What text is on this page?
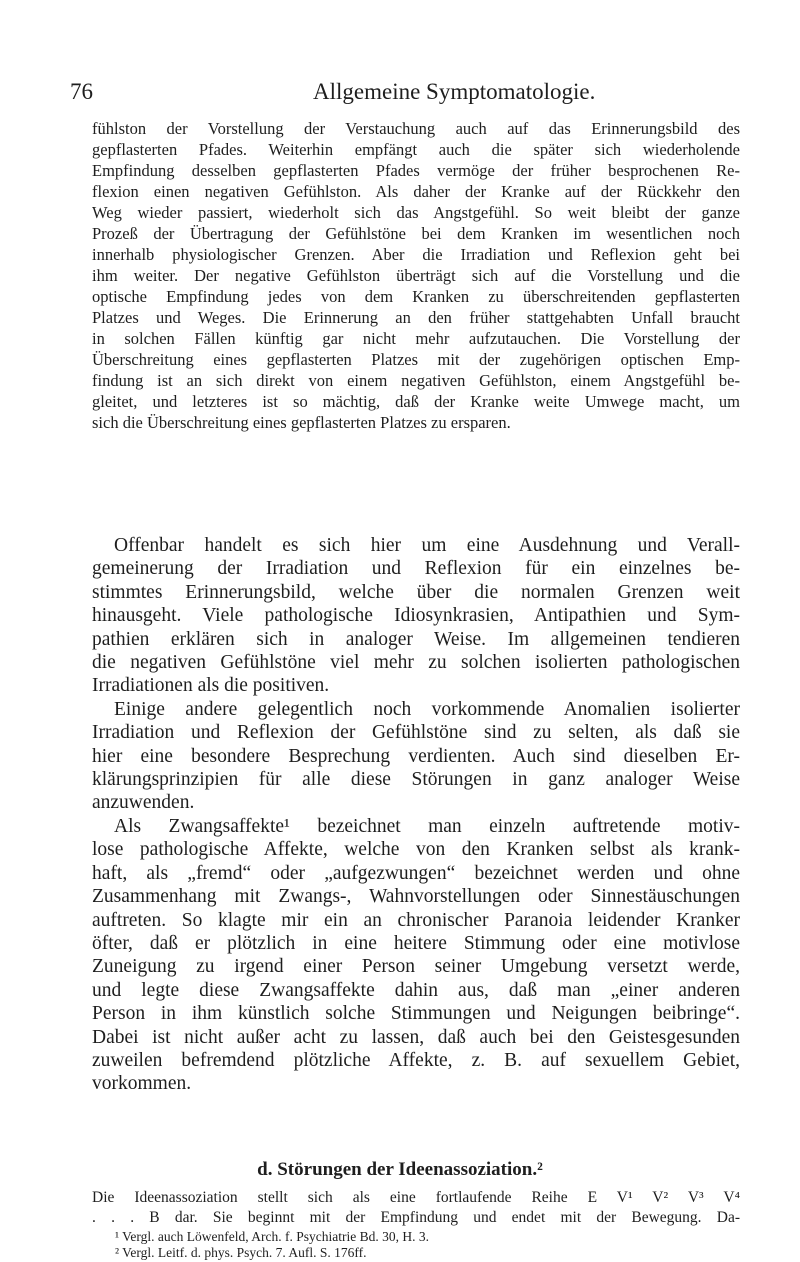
76	Allgemeine Symptomatologie.

fühlston der Vorstellung der Verstauchung auch auf das Erinnerungsbild des

gepflasterten Pfades. Weiterhin empfängt auch die später sich wiederholende

Empfindung desselben gepflasterten Pfades vermöge der früher besprochenen Re-

flexion einen negativen Gefühlston. Als daher der Kranke auf der Rückkehr den

Weg wieder passiert, wiederholt sich das Angstgefühl. So weit bleibt der ganze

Prozeß der Übertragung der Gefühlstöne bei dem Kranken im wesentlichen noch

innerhalb physiologischer Grenzen. Aber die Irradiation und Reflexion geht bei

ihm weiter. Der negative Gefühlston überträgt sich auf die Vorstellung und die

optische Empfindung jedes von dem Kranken zu überschreitenden gepflasterten

Platzes und Weges. Die Erinnerung an den früher stattgehabten Unfall braucht

in solchen Fällen künftig gar nicht mehr aufzutauchen. Die Vorstellung der

Überschreitung eines gepflasterten Platzes mit der zugehörigen optischen Emp-

findung ist an sich direkt von einem negativen Gefühlston, einem Angstgefühl be-

gleitet, und letzteres ist so mächtig, daß der Kranke weite Umwege macht, um

sich die Überschreitung eines gepflasterten Platzes zu ersparen.

Offenbar handelt es sich hier um eine Ausdehnung und Verall-

gemeinerung der Irradiation und Reflexion für ein einzelnes be-

stimmtes Erinnerungsbild, welche über die normalen Grenzen weit

hinausgeht. Viele pathologische Idiosynkrasien, Antipathien und Sym-

pathien erklären sich in analoger Weise. Im allgemeinen tendieren

die negativen Gefühlstöne viel mehr zu solchen isolierten pathologischen

Irradiationen als die positiven.

Einige andere gelegentlich noch vorkommende Anomalien isolierter

Irradiation und Reflexion der Gefühlstöne sind zu selten, als daß sie

hier eine besondere Besprechung verdienten. Auch sind dieselben Er-

klärungsprinzipien für alle diese Störungen in ganz analoger Weise

anzuwenden.

Als Zwangsaffekte¹ bezeichnet man einzeln auftretende motiv-

lose pathologische Affekte, welche von den Kranken selbst als krank-

haft, als „fremd“ oder „aufgezwungen“ bezeichnet werden und ohne

Zusammenhang mit Zwangs-, Wahnvorstellungen oder Sinnestäuschungen

auftreten. So klagte mir ein an chronischer Paranoia leidender Kranker

öfter, daß er plötzlich in eine heitere Stimmung oder eine motivlose

Zuneigung zu irgend einer Person seiner Umgebung versetzt werde,

und legte diese Zwangsaffekte dahin aus, daß man „einer anderen

Person in ihm künstlich solche Stimmungen und Neigungen beibringe“.

Dabei ist nicht außer acht zu lassen, daß auch bei den Geistesgesunden

zuweilen befremdend plötzliche Affekte, z. B. auf sexuellem Gebiet,

vorkommen.

d. Störungen der Ideenassoziation.²

Die Ideenassoziation stellt sich als eine fortlaufende Reihe E V¹ V² V³ V⁴

. . . B dar. Sie beginnt mit der Empfindung und endet mit der Bewegung. Da-

¹ Vergl. auch Löwenfeld, Arch. f. Psychiatrie Bd. 30, H. 3.

² Vergl. Leitf. d. phys. Psych. 7. Aufl. S. 176ff.
